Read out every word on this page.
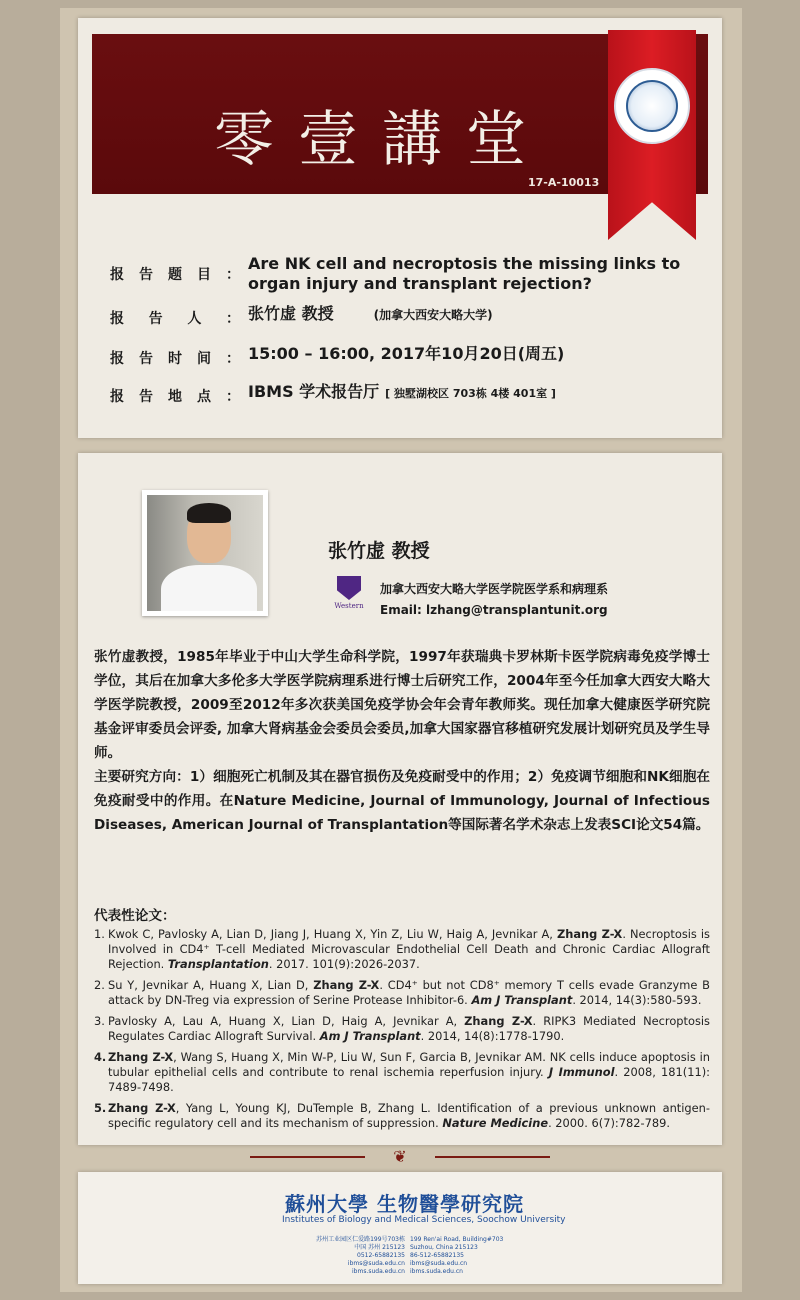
零壹講堂
17-A-10013
报 告 题 目 ：
Are NK cell and necroptosis the missing links to organ injury and transplant rejection?
报 告 人 ： 张竹虚 教授	(加拿大西安大略大学)
报 告 时 间 ： 15:00 – 16:00, 2017年10月20日(周五)
报 告 地 点 ： IBMS 学术报告厅 [ 独墅湖校区 703栋 4楼 401室 ]
张竹虚 教授
Western
加拿大西安大略大学医学院医学系和病理系
Email: lzhang@transplantunit.org

张竹虚教授，1985年毕业于中山大学生命科学院，1997年获瑞典卡罗林斯卡医学院病毒免疫学博士学位，其后在加拿大多伦多大学医学院病理系进行博士后研究工作，2004年至今任加拿大西安大略大学医学院教授，2009至2012年多次获美国免疫学协会年会青年教师奖。现任加拿大健康医学研究院基金评审委员会评委, 加拿大肾病基金会委员会委员,加拿大国家器官移植研究发展计划研究员及学生导师。

主要研究方向：1）细胞死亡机制及其在器官损伤及免疫耐受中的作用；2）免疫调节细胞和NK细胞在免疫耐受中的作用。在Nature Medicine, Journal of Immunology, Journal of Infectious Diseases, American Journal of Transplantation等国际著名学术杂志上发表SCI论文54篇。

代表性论文：
1. Kwok C, Pavlosky A, Lian D, Jiang J, Huang X, Yin Z, Liu W, Haig A, Jevnikar A, Zhang Z-X. Necroptosis is Involved in CD4⁺ T-cell Mediated Microvascular Endothelial Cell Death and Chronic Cardiac Allograft Rejection. Transplantation. 2017. 101(9):2026-2037.
2. Su Y, Jevnikar A, Huang X, Lian D, Zhang Z-X. CD4⁺ but not CD8⁺ memory T cells evade Granzyme B attack by DN-Treg via expression of Serine Protease Inhibitor-6. Am J Transplant. 2014, 14(3):580-593.
3. Pavlosky A, Lau A, Huang X, Lian D, Haig A, Jevnikar A, Zhang Z-X. RIPK3 Mediated Necroptosis Regulates Cardiac Allograft Survival. Am J Transplant. 2014, 14(8):1778-1790.
4. Zhang Z-X, Wang S, Huang X, Min W-P, Liu W, Sun F, Garcia B, Jevnikar AM. NK cells induce apoptosis in tubular epithelial cells and contribute to renal ischemia reperfusion injury. J Immunol. 2008, 181(11): 7489-7498.
5. Zhang Z-X, Yang L, Young KJ, DuTemple B, Zhang L. Identification of a previous unknown antigen-specific regulatory cell and its mechanism of suppression. Nature Medicine. 2000. 6(7):782-789.
❦
蘇州大學 生物醫學研究院
Institutes of Biology and Medical Sciences, Soochow University
苏州工业园区仁爱路199号703栋
中国 苏州 215123
0512-65882135
ibms@suda.edu.cn
ibms.suda.edu.cn
199 Ren'ai Road, Building#703
Suzhou, China 215123
86-512-65882135
ibms@suda.edu.cn
ibms.suda.edu.cn
